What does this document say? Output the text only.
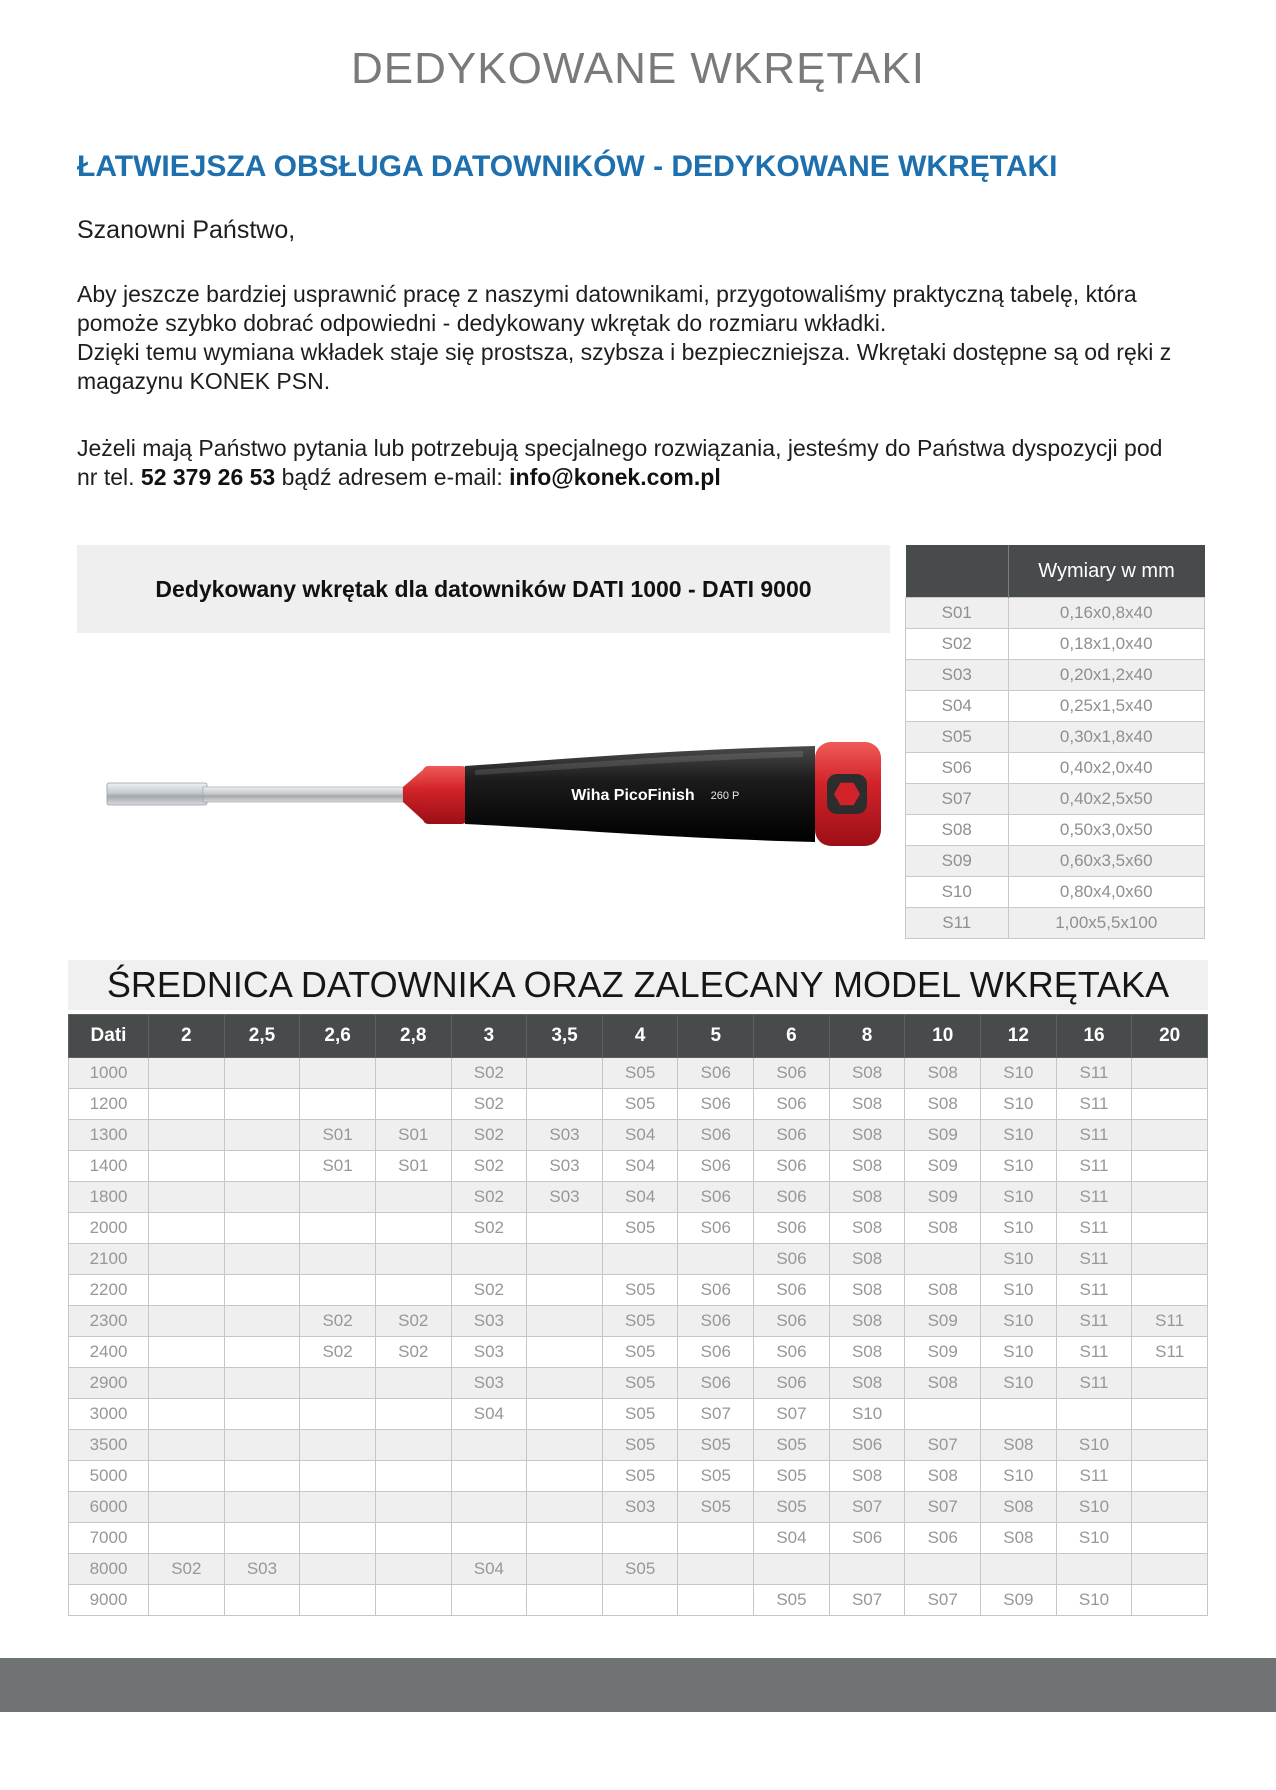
DEDYKOWANE WKRĘTAKI
ŁATWIEJSZA OBSŁUGA DATOWNIKÓW - DEDYKOWANE WKRĘTAKI

Szanowni Państwo,

Aby jeszcze bardziej usprawnić pracę z naszymi datownikami, przygotowaliśmy praktyczną tabelę, która pomoże szybko dobrać odpowiedni - dedykowany wkrętak do rozmiaru wkładki.
Dzięki temu wymiana wkładek staje się prostsza, szybsza i bezpieczniejsza. Wkrętaki dostępne są od ręki z magazynu KONEK PSN.

Jeżeli mają Państwo pytania lub potrzebują specjalnego rozwiązania, jesteśmy do Państwa dyspozycji pod nr tel. 52 379 26 53 bądź adresem e-mail: info@konek.com.pl

Dedykowany wkrętak dla datowników DATI 1000 - DATI 9000
	Wymiary w mm
S01	0,16x0,8x40
S02	0,18x1,0x40
S03	0,20x1,2x40
S04	0,25x1,5x40
S05	0,30x1,8x40
S06	0,40x2,0x40
S07	0,40x2,5x50
S08	0,50x3,0x50
S09	0,60x3,5x60
S10	0,80x4,0x60
S11	1,00x5,5x100
Wiha PicoFinish 260 P
ŚREDNICA DATOWNIKA ORAZ ZALECANY MODEL WKRĘTAKA
Dati	2	2,5	2,6	2,8	3	3,5	4	5	6	8	10	12	16	20
1000					S02		S05	S06	S06	S08	S08	S10	S11	
1200					S02		S05	S06	S06	S08	S08	S10	S11	
1300			S01	S01	S02	S03	S04	S06	S06	S08	S09	S10	S11	
1400			S01	S01	S02	S03	S04	S06	S06	S08	S09	S10	S11	
1800					S02	S03	S04	S06	S06	S08	S09	S10	S11	
2000					S02		S05	S06	S06	S08	S08	S10	S11	
2100									S06	S08		S10	S11	
2200					S02		S05	S06	S06	S08	S08	S10	S11	
2300			S02	S02	S03		S05	S06	S06	S08	S09	S10	S11	S11
2400			S02	S02	S03		S05	S06	S06	S08	S09	S10	S11	S11
2900					S03		S05	S06	S06	S08	S08	S10	S11	
3000					S04		S05	S07	S07	S10				
3500							S05	S05	S05	S06	S07	S08	S10	
5000							S05	S05	S05	S08	S08	S10	S11	
6000							S03	S05	S05	S07	S07	S08	S10	
7000									S04	S06	S06	S08	S10	
8000	S02	S03			S04		S05							
9000									S05	S07	S07	S09	S10	
